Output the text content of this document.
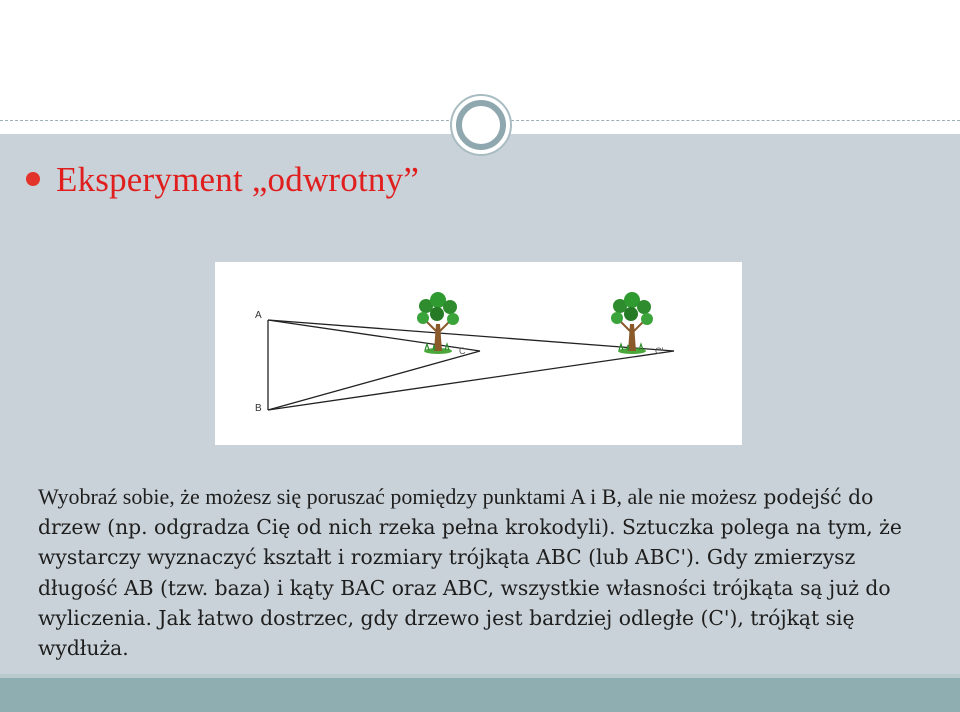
Eksperyment „odwrotny”
A
B
C	C'

Wyobraź sobie, że możesz się poruszać pomiędzy punktami A i B, ale nie możesz podejść do drzew (np. odgradza Cię od nich rzeka pełna krokodyli). Sztuczka polega na tym, że wystarczy wyznaczyć kształt i rozmiary trójkąta ABC (lub ABC'). Gdy zmierzysz długość AB (tzw. baza) i kąty BAC oraz ABC, wszystkie własności trójkąta są już do wyliczenia. Jak łatwo dostrzec, gdy drzewo jest bardziej odległe (C'), trójkąt się wydłuża.
